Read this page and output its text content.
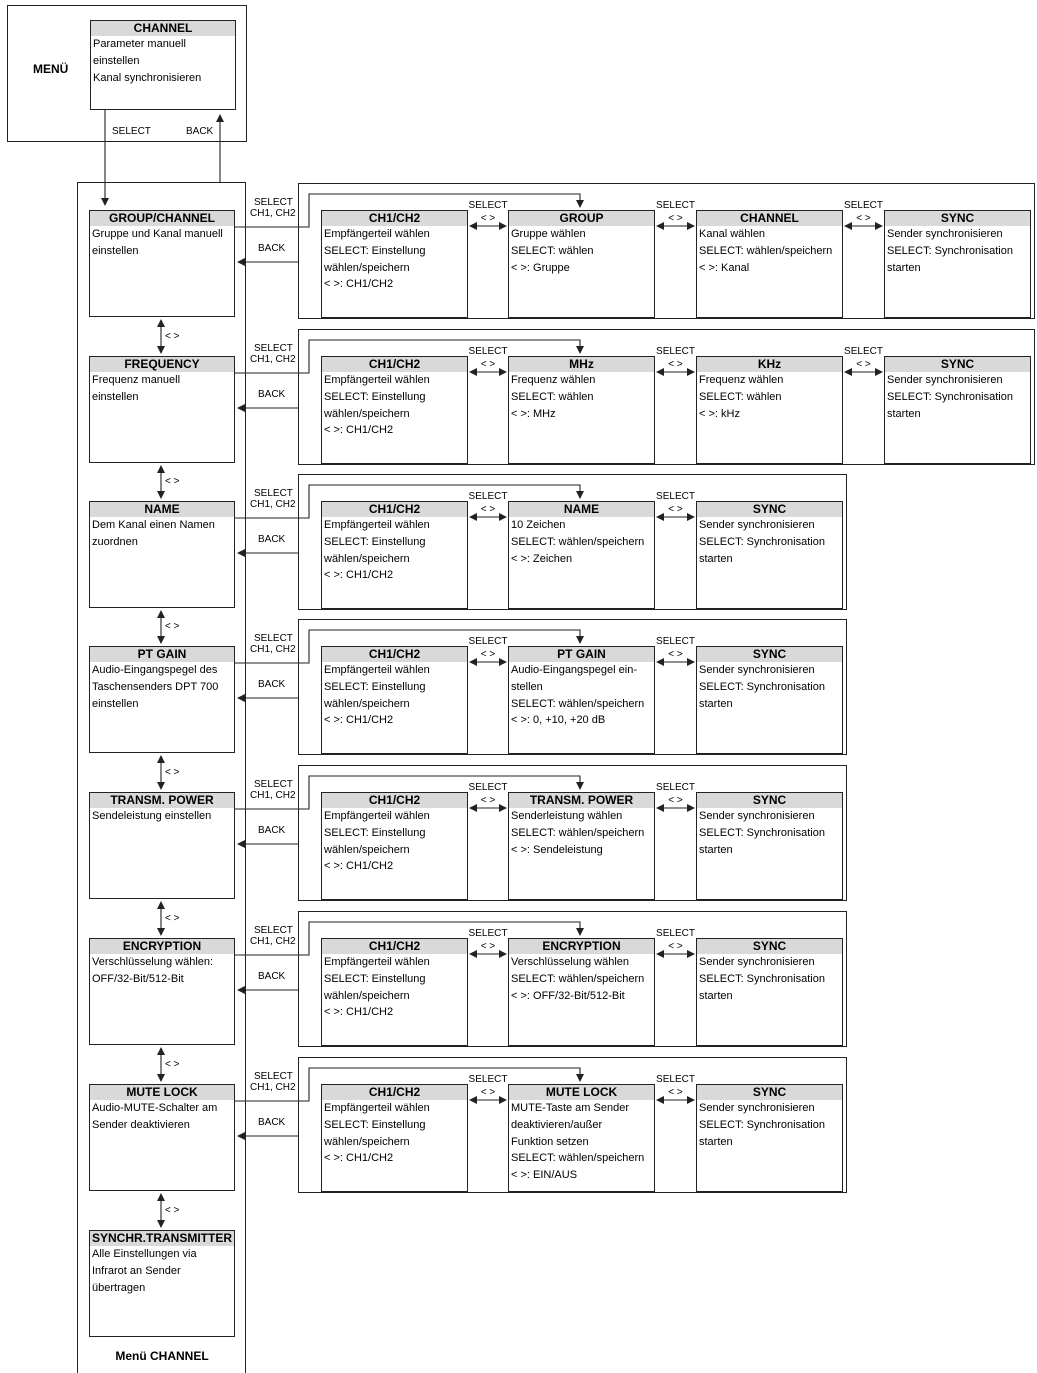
MENÜ
CHANNEL
Parameter manuell
einstellen
Kanal synchronisieren
SELECT	BACK
Menü CHANNEL
GROUP/CHANNEL
Gruppe und Kanal manuell
einstellen
< >
SELECT
CH1, CH2
BACK
CH1/CH2
Empfängerteil wählen
SELECT: Einstellung
wählen/speichern
< >: CH1/CH2
SELECT
< >	GROUP
Gruppe wählen
SELECT: wählen
< >: Gruppe
SELECT
< >	CHANNEL
Kanal wählen
SELECT: wählen/speichern
< >: Kanal
SELECT
< >	SYNC
Sender synchronisieren
SELECT: Synchronisation
starten
FREQUENCY
Frequenz manuell
einstellen
< >
SELECT
CH1, CH2
BACK
CH1/CH2
Empfängerteil wählen
SELECT: Einstellung
wählen/speichern
< >: CH1/CH2
SELECT
< >	MHz
Frequenz wählen
SELECT: wählen
< >: MHz
SELECT
< >	KHz
Frequenz wählen
SELECT: wählen
< >: kHz
SELECT
< >	SYNC
Sender synchronisieren
SELECT: Synchronisation
starten
NAME
Dem Kanal einen Namen
zuordnen
< >
SELECT
CH1, CH2
BACK
CH1/CH2
Empfängerteil wählen
SELECT: Einstellung
wählen/speichern
< >: CH1/CH2
SELECT
< >	NAME
10 Zeichen
SELECT: wählen/speichern
< >: Zeichen
SELECT
< >	SYNC
Sender synchronisieren
SELECT: Synchronisation
starten
PT GAIN
Audio-Eingangspegel des
Taschensenders DPT 700
einstellen
< >
SELECT
CH1, CH2
BACK
CH1/CH2
Empfängerteil wählen
SELECT: Einstellung
wählen/speichern
< >: CH1/CH2
SELECT
< >	PT GAIN
Audio-Eingangspegel ein-
stellen
SELECT: wählen/speichern
< >: 0, +10, +20 dB
SELECT
< >	SYNC
Sender synchronisieren
SELECT: Synchronisation
starten
TRANSM. POWER
Sendeleistung einstellen
< >
SELECT
CH1, CH2
BACK
CH1/CH2
Empfängerteil wählen
SELECT: Einstellung
wählen/speichern
< >: CH1/CH2
SELECT
< >	TRANSM. POWER
Senderleistung wählen
SELECT: wählen/speichern
< >: Sendeleistung
SELECT
< >	SYNC
Sender synchronisieren
SELECT: Synchronisation
starten
ENCRYPTION
Verschlüsselung wählen:
OFF/32-Bit/512-Bit
< >
SELECT
CH1, CH2
BACK
CH1/CH2
Empfängerteil wählen
SELECT: Einstellung
wählen/speichern
< >: CH1/CH2
SELECT
< >	ENCRYPTION
Verschlüsselung wählen
SELECT: wählen/speichern
< >: OFF/32-Bit/512-Bit
SELECT
< >	SYNC
Sender synchronisieren
SELECT: Synchronisation
starten
MUTE LOCK
Audio-MUTE-Schalter am
Sender deaktivieren
< >
SELECT
CH1, CH2
BACK
CH1/CH2
Empfängerteil wählen
SELECT: Einstellung
wählen/speichern
< >: CH1/CH2
SELECT
< >	MUTE LOCK
MUTE-Taste am Sender
deaktivieren/außer
Funktion setzen
SELECT: wählen/speichern
< >: EIN/AUS
SELECT
< >	SYNC
Sender synchronisieren
SELECT: Synchronisation
starten
SYNCHR.TRANSMITTER
Alle Einstellungen via
Infrarot an Sender
übertragen
